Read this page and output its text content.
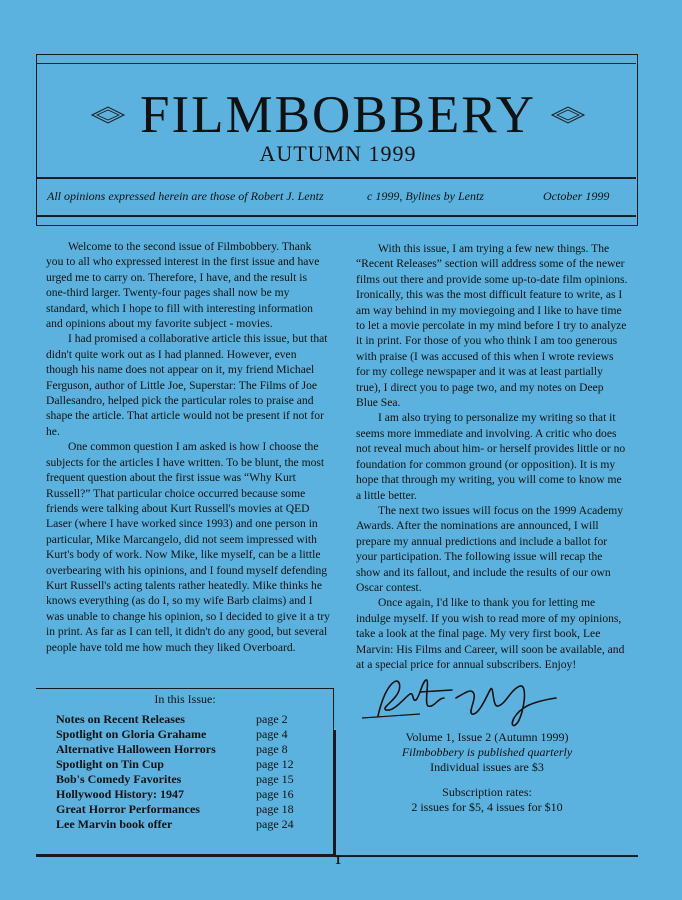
FILMBOBBERY
AUTUMN 1999
All opinions expressed herein are those of Robert J. Lentz	c 1999, Bylines by Lentz	October 1999

Welcome to the second issue of Filmbobbery. Thank you to all who expressed interest in the first issue and have urged me to carry on. Therefore, I have, and the result is one-third larger. Twenty-four pages shall now be my standard, which I hope to fill with interesting information and opinions about my favorite subject - movies.

I had promised a collaborative article this issue, but that didn't quite work out as I had planned. However, even though his name does not appear on it, my friend Michael Ferguson, author of Little Joe, Superstar: The Films of Joe Dallesandro, helped pick the particular roles to praise and shape the article. That article would not be present if not for he.

One common question I am asked is how I choose the subjects for the articles I have written. To be blunt, the most frequent question about the first issue was “Why Kurt Russell?” That particular choice occurred because some friends were talking about Kurt Russell's movies at QED Laser (where I have worked since 1993) and one person in particular, Mike Marcangelo, did not seem impressed with Kurt's body of work. Now Mike, like myself, can be a little overbearing with his opinions, and I found myself defending Kurt Russell's acting talents rather heatedly. Mike thinks he knows everything (as do I, so my wife Barb claims) and I was unable to change his opinion, so I decided to give it a try in print. As far as I can tell, it didn't do any good, but several people have told me how much they liked Overboard.

With this issue, I am trying a few new things. The “Recent Releases” section will address some of the newer films out there and provide some up-to-date film opinions. Ironically, this was the most difficult feature to write, as I am way behind in my moviegoing and I like to have time to let a movie percolate in my mind before I try to analyze it in print. For those of you who think I am too generous with praise (I was accused of this when I wrote reviews for my college newspaper and it was at least partially true), I direct you to page two, and my notes on Deep Blue Sea.

I am also trying to personalize my writing so that it seems more immediate and involving. A critic who does not reveal much about him- or herself provides little or no foundation for common ground (or opposition). It is my hope that through my writing, you will come to know me a little better.

The next two issues will focus on the 1999 Academy Awards. After the nominations are announced, I will prepare my annual predictions and include a ballot for your participation. The following issue will recap the show and its fallout, and include the results of our own Oscar contest.

Once again, I'd like to thank you for letting me indulge myself. If you wish to read more of my opinions, take a look at the final page. My very first book, Lee Marvin: His Films and Career, will soon be available, and at a special price for annual subscribers. Enjoy!

In this Issue:
Notes on Recent Releases	page 2
Spotlight on Gloria Grahame	page 4
Alternative Halloween Horrors	page 8
Spotlight on Tin Cup	page 12
Bob's Comedy Favorites	page 15
Hollywood History: 1947	page 16
Great Horror Performances	page 18
Lee Marvin book offer	page 24
Volume 1, Issue 2 (Autumn 1999)
Filmbobbery is published quarterly
Individual issues are $3
Subscription rates:
2 issues for $5, 4 issues for $10
1
